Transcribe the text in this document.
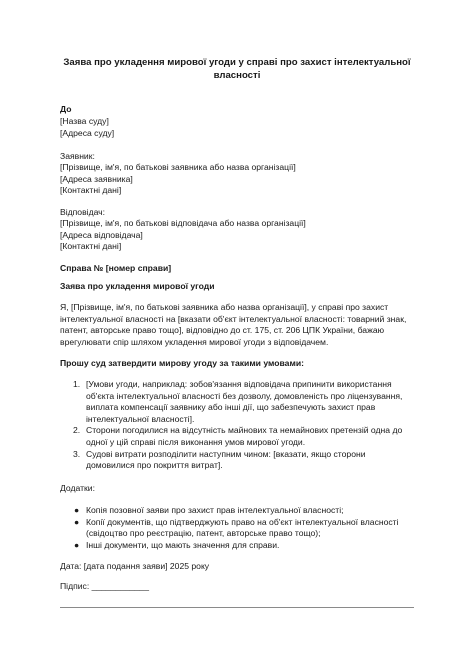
Заява про укладення мирової угоди у справі про захист інтелектуальної
власності
До
[Назва суду]
[Адреса суду]
Заявник:
[Прізвище, ім'я, по батькові заявника або назва організації]
[Адреса заявника]
[Контактні дані]
Відповідач:
[Прізвище, ім'я, по батькові відповідача або назва організації]
[Адреса відповідача]
[Контактні дані]
Справа № [номер справи]
Заява про укладення мирової угоди
Я, [Прізвище, ім'я, по батькові заявника або назва організації], у справі про захист
інтелектуальної власності на [вказати об'єкт інтелектуальної власності: товарний знак,
патент, авторське право тощо], відповідно до ст. 175, ст. 206 ЦПК України, бажаю
врегулювати спір шляхом укладення мирової угоди з відповідачем.
Прошу суд затвердити мирову угоду за такими умовами:
1. [Умови угоди, наприклад: зобов'язання відповідача припинити використання
об'єкта інтелектуальної власності без дозволу, домовленість про ліцензування,
виплата компенсації заявнику або інші дії, що забезпечують захист прав
інтелектуальної власності].
2. Сторони погодилися на відсутність майнових та немайнових претензій одна до
одної у цій справі після виконання умов мирової угоди.
3. Судові витрати розподілити наступним чином: [вказати, якщо сторони
домовилися про покриття витрат].
Додатки:
● Копія позовної заяви про захист прав інтелектуальної власності;
● Копії документів, що підтверджують право на об'єкт інтелектуальної власності
(свідоцтво про реєстрацію, патент, авторське право тощо);
● Інші документи, що мають значення для справи.
Дата: [дата подання заяви] 2025 року
Підпис: ____________
